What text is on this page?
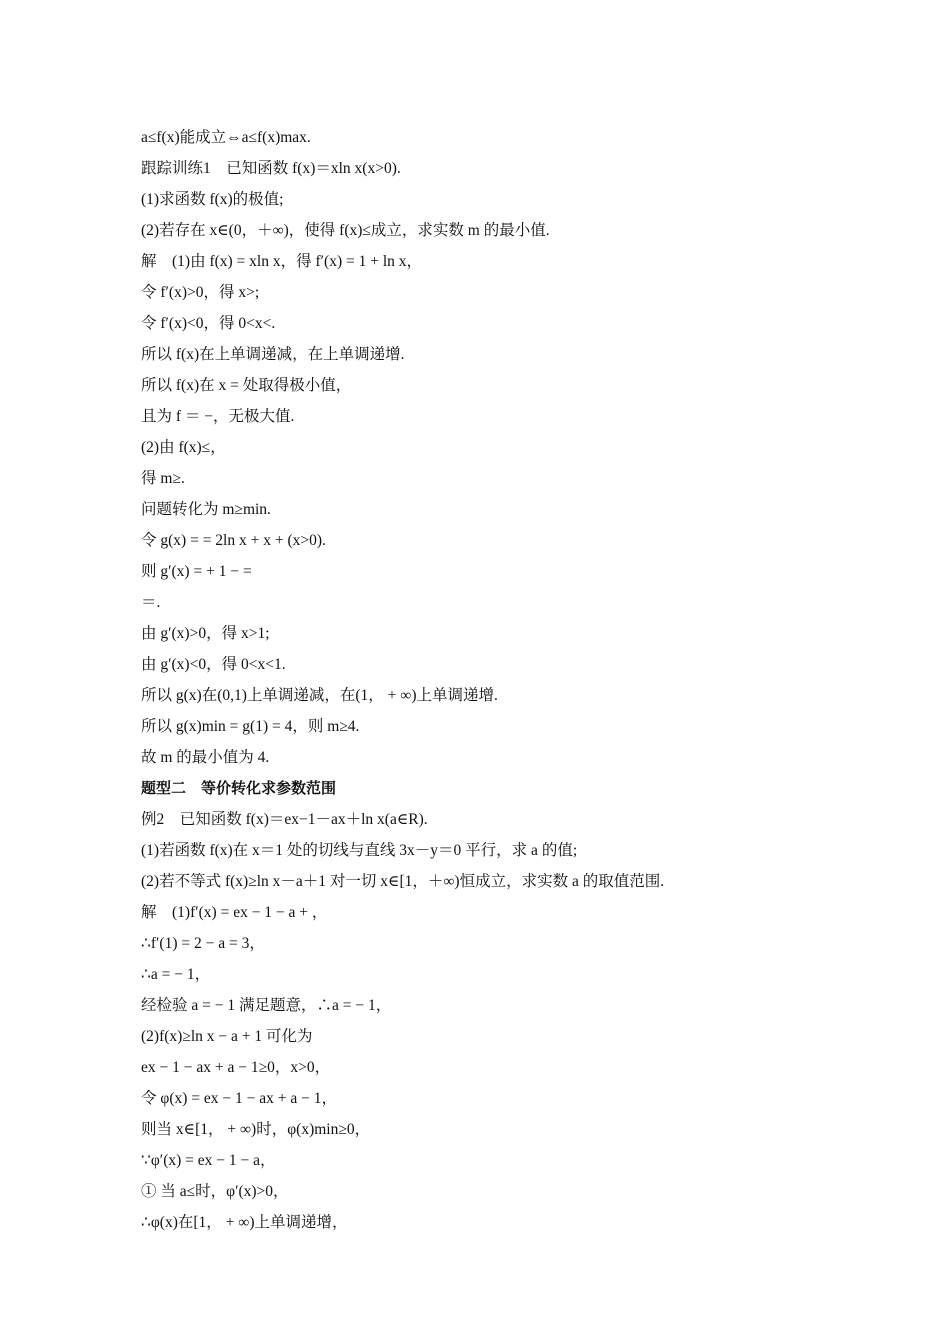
a≤f(x)能成立⇔a≤f(x)max.
跟踪训练1　已知函数 f(x)＝xln x(x>0).
(1)求函数 f(x)的极值;
(2)若存在 x∈(0，＋∞)，使得 f(x)≤成立，求实数 m 的最小值.
解　(1)由 f(x) = xln x，得 f′(x) = 1 + ln x，
令 f′(x)>0，得 x>;
令 f′(x)<0，得 0<x<.
所以 f(x)在上单调递减，在上单调递增.
所以 f(x)在 x = 处取得极小值，
且为 f ＝ −，无极大值.
(2)由 f(x)≤，
得 m≥.
问题转化为 m≥min.
令 g(x) = = 2ln x + x + (x>0).
则 g′(x) = + 1 − =
＝.
由 g′(x)>0，得 x>1;
由 g′(x)<0，得 0<x<1.
所以 g(x)在(0,1)上单调递减，在(1， + ∞)上单调递增.
所以 g(x)min = g(1) = 4，则 m≥4.
故 m 的最小值为 4.
题型二　等价转化求参数范围
例2　已知函数 f(x)＝ex−1－ax＋ln x(a∈R).
(1)若函数 f(x)在 x＝1 处的切线与直线 3x－y＝0 平行，求 a 的值;
(2)若不等式 f(x)≥ln x－a＋1 对一切 x∈[1，＋∞)恒成立，求实数 a 的取值范围.
解　(1)f′(x) = ex − 1 − a + ，
∴f′(1) = 2 − a = 3，
∴a = − 1，
经检验 a = − 1 满足题意，∴a = − 1，
(2)f(x)≥ln x − a + 1 可化为
ex − 1 − ax + a − 1≥0，x>0，
令 φ(x) = ex − 1 − ax + a − 1，
则当 x∈[1， + ∞)时，φ(x)min≥0，
∵φ′(x) = ex − 1 − a，
① 当 a≤时，φ′(x)>0，
∴φ(x)在[1， + ∞)上单调递增，
